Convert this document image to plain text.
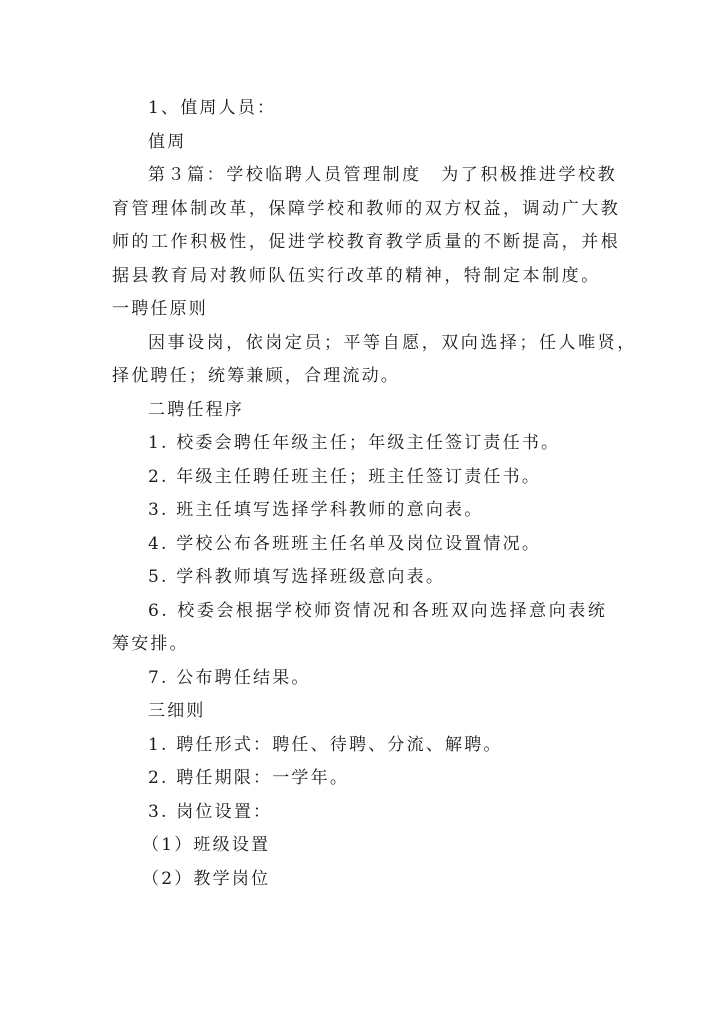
1、值周人员：
值周
第３篇：学校临聘人员管理制度　为了积极推进学校教
育管理体制改革，保障学校和教师的双方权益，调动广大教
师的工作积极性，促进学校教育教学质量的不断提高，并根
据县教育局对教师队伍实行改革的精神，特制定本制度。
一聘任原则
因事设岗，依岗定员；平等自愿，双向选择；任人唯贤，
择优聘任；统筹兼顾，合理流动。
二聘任程序
1. 校委会聘任年级主任；年级主任签订责任书。
2. 年级主任聘任班主任；班主任签订责任书。
3. 班主任填写选择学科教师的意向表。
4. 学校公布各班班主任名单及岗位设置情况。
5. 学科教师填写选择班级意向表。
6. 校委会根据学校师资情况和各班双向选择意向表统
筹安排。
7. 公布聘任结果。
三细则
1. 聘任形式：聘任、待聘、分流、解聘。
2. 聘任期限：一学年。
3. 岗位设置：
（1）班级设置
（2）教学岗位
